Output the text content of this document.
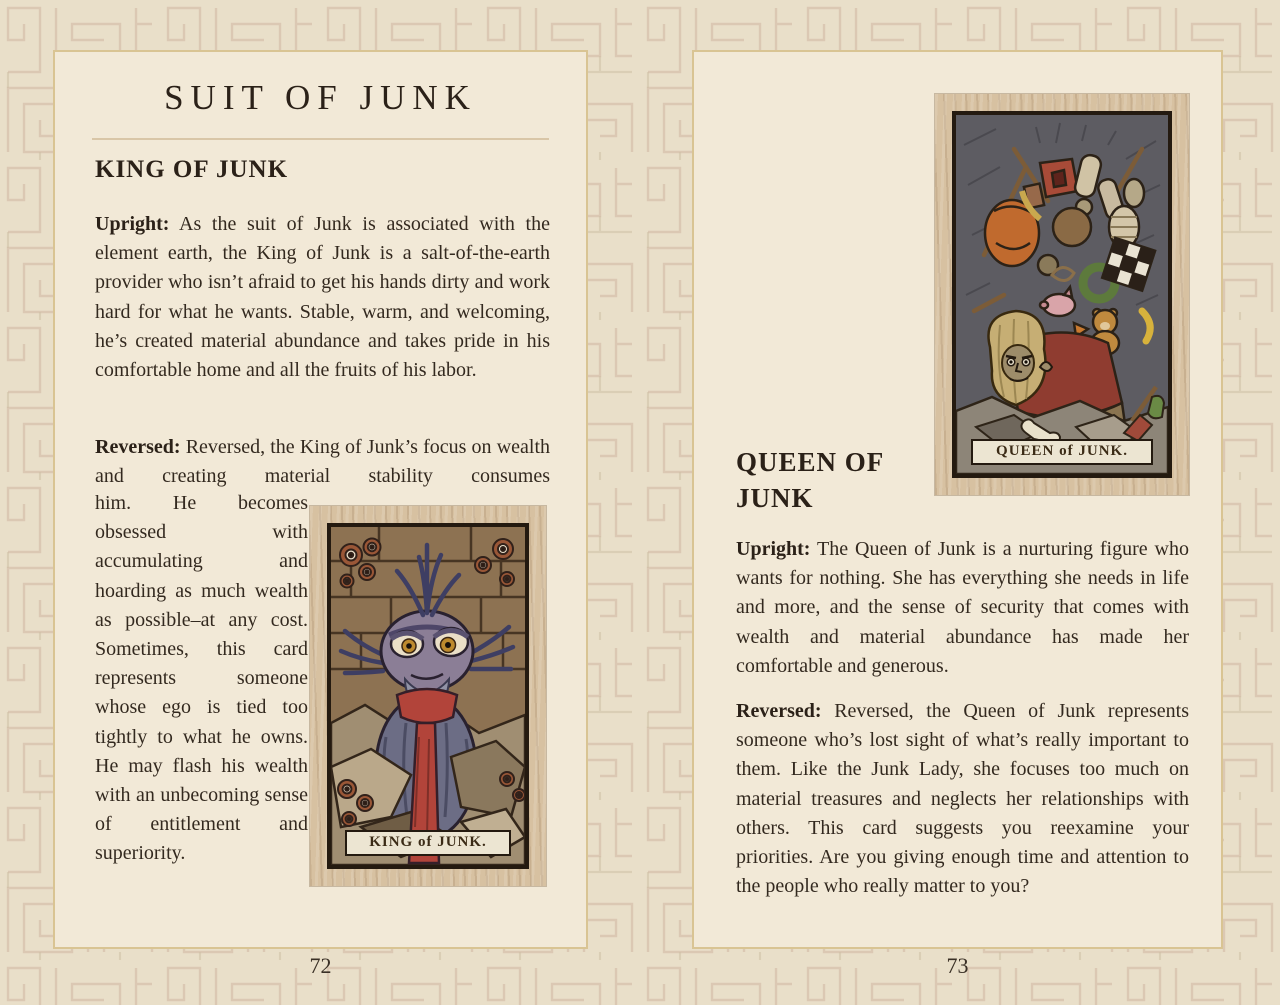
SUIT OF JUNK
KING OF JUNK

Upright: As the suit of Junk is associated with the element earth, the King of Junk is a salt-of-the-earth provider who isn’t afraid to get his hands dirty and work hard for what he wants. Stable, warm, and welcoming, he’s created material abundance and takes pride in his comfortable home and all the fruits of his labor.

Reversed: Reversed, the King of Junk’s focus on wealth and creating material stability consumes

him. He becomes obsessed with accumulating and hoarding as much wealth as possible–at any cost. Sometimes, this card represents someone whose ego is tied too tightly to what he owns. He may flash his wealth with an unbecoming sense of entitlement and superiority.

KING of JUNK.
QUEEN of JUNK.
QUEEN OF JUNK

Upright: The Queen of Junk is a nurturing figure who wants for nothing. She has everything she needs in life and more, and the sense of security that comes with wealth and material abundance has made her comfortable and generous.

Reversed: Reversed, the Queen of Junk represents someone who’s lost sight of what’s really important to them. Like the Junk Lady, she focuses too much on material treasures and neglects her relationships with others. This card suggests you reexamine your priorities. Are you giving enough time and attention to the people who really matter to you?

72	73
